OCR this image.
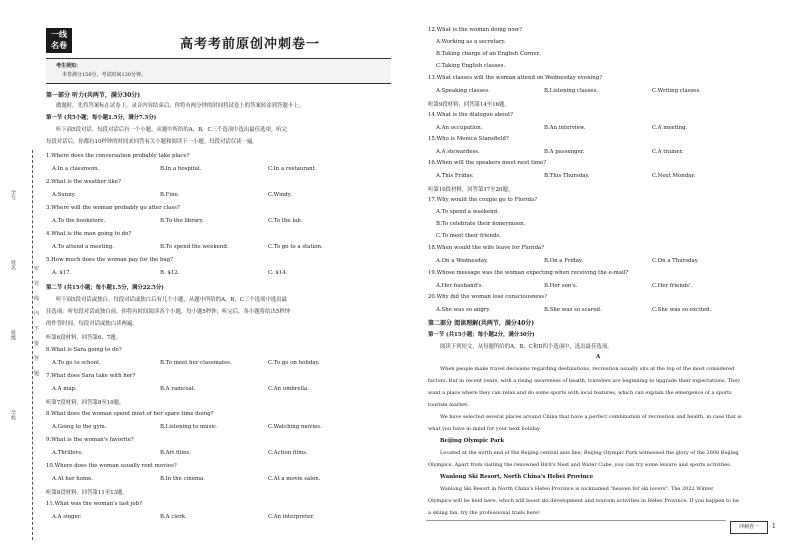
学号
姓名
班级
学校
密
封
线
内
不
要
答
题
一线
名卷	高考考前原创冲刺卷一
考生须知：
本卷满分150分，考试时间120分钟。
第一部分 听力(共两节，满分30分)
做题时，先将答案标在试卷上。录音内容结束后，你将有两分钟的时间将试卷上的答案转涂到答题卡上。
第一节 (共5小题；每小题1.5分，满分7.5分)
听下面5段对话。每段对话后有一个小题，从题中所给的A，B，C三个选项中选出最佳选项。听完
每段对话后，你都有10秒钟的时间来回答有关小题和阅读下一小题。每段对话仅读一遍。
1.Where does the conversation probably take place?
A.In a classroom.	B.In a hospital.	C.In a restaurant.
2.What is the weather like?
A.Sunny.	B.Fine.	C.Windy.
3.Where will the woman probably go after class?
A.To the bookstore.	B.To the library.	C.To the lab.
4.What is the man going to do?
A.To attend a meeting.	B.To spend the weekend.	C.To go to a station.
5.How much does the woman pay for the bag?
A. $17.	B. $12.	C. $14.
第二节 (共15小题；每小题1.5分，满分22.5分)
听下面5段对话或独白。每段对话或独白后有几个小题，从题中所给的A，B，C三个选项中选出最
佳选项。听每段对话或独白前，你将有时间阅读各个小题，每小题5秒钟；听完后，各小题将给出5秒钟
的作答时间。每段对话或独白读两遍。
听第6段材料，回答第6、7题。
6.What is Sara going to do?
A.To go to school.	B.To meet her classmates.	C.To go on holiday.
7.What does Sara take with her?
A.A map.	B.A raincoat.	C.An umbrella.
听第7段材料，回答第8至10题。
8.What does the woman spend most of her spare time doing?
A.Going to the gym.	B.Listening to music.	C.Watching movies.
9.What is the woman's favorite?
A.Thrillers.	B.Art films.	C.Action films.
10.Where does the woman usually rent movies?
A.At her home.	B.In the cinema.	C.At a movie salon.
听第8段材料，回答第11至13题。
11.What was the woman's last job?
A.A singer.	B.A clerk.	C.An interpreter.
12.What is the woman doing now?
A.Working as a secretary.
B.Taking charge of an English Corner.
C.Taking English classes.
13.What classes will the woman attend on Wednesday evening?
A.Speaking classes.	B.Listening classes.	C.Writing classes.
听第9段材料，回答第14至16题。
14.What is the dialogue about?
A.An occupation.	B.An interview.	C.A meeting.
15.Who is Monica Stansfield?
A.A stewardess.	B.A passenger.	C.A trainer.
16.When will the speakers meet next time?
A.This Friday.	B.This Thursday.	C.Next Monday.
听第10段材料，回答第17至20题。
17.Why would the couple go to Florida?
A.To spend a weekend.
B.To celebrate their honeymoon.
C.To meet their friends.
18.When would the wife leave for Florida?
A.On a Wednesday.	B.On a Friday.	C.On a Thursday.
19.Whose message was the woman expecting when receiving the e-mail?
A.Her husband's.	B.Her son's.	C.Her friends'.
20.Why did the woman lose consciousness?
A.She was so angry.	B.She was so scared.	C.She was so excited.
第二部分 阅读理解(共两节，满分40分)
第一节 (共15小题；每小题2分，满分30分)
阅读下列短文，从每题所给的A，B，C和D四个选项中，选出最佳选项。
A
When people make travel decisions regarding destinations, recreation usually sits at the top of the most considered
factors. But in recent years, with a rising awareness of health, travelers are beginning to upgrade their expectations. They
want a place where they can relax and do some sports with local features, which can explain the emergence of a sports
tourism market.
We have selected several places around China that have a perfect combination of recreation and health, in case that is
what you have in mind for your next holiday.
Beijing Olympic Park
Located at the north end of the Beijing central axis line, Beijing Olympic Park witnessed the glory of the 2008 Beijing
Olympics. Apart from visiting the renowned Bird's Nest and Water Cube, you can try some leisure and sports activities.
Wanlong Ski Resort, North China's Hebei Province
Wanlong Ski Resort in North China's Hebei Province is nicknamed "heaven for ski lovers". The 2022 Winter
Olympics will be held here, which will boost ski development and tourism activities in Hebei Province. If you happen to be
a skiing fan, try the professional trails here!
冲刺卷一	1
